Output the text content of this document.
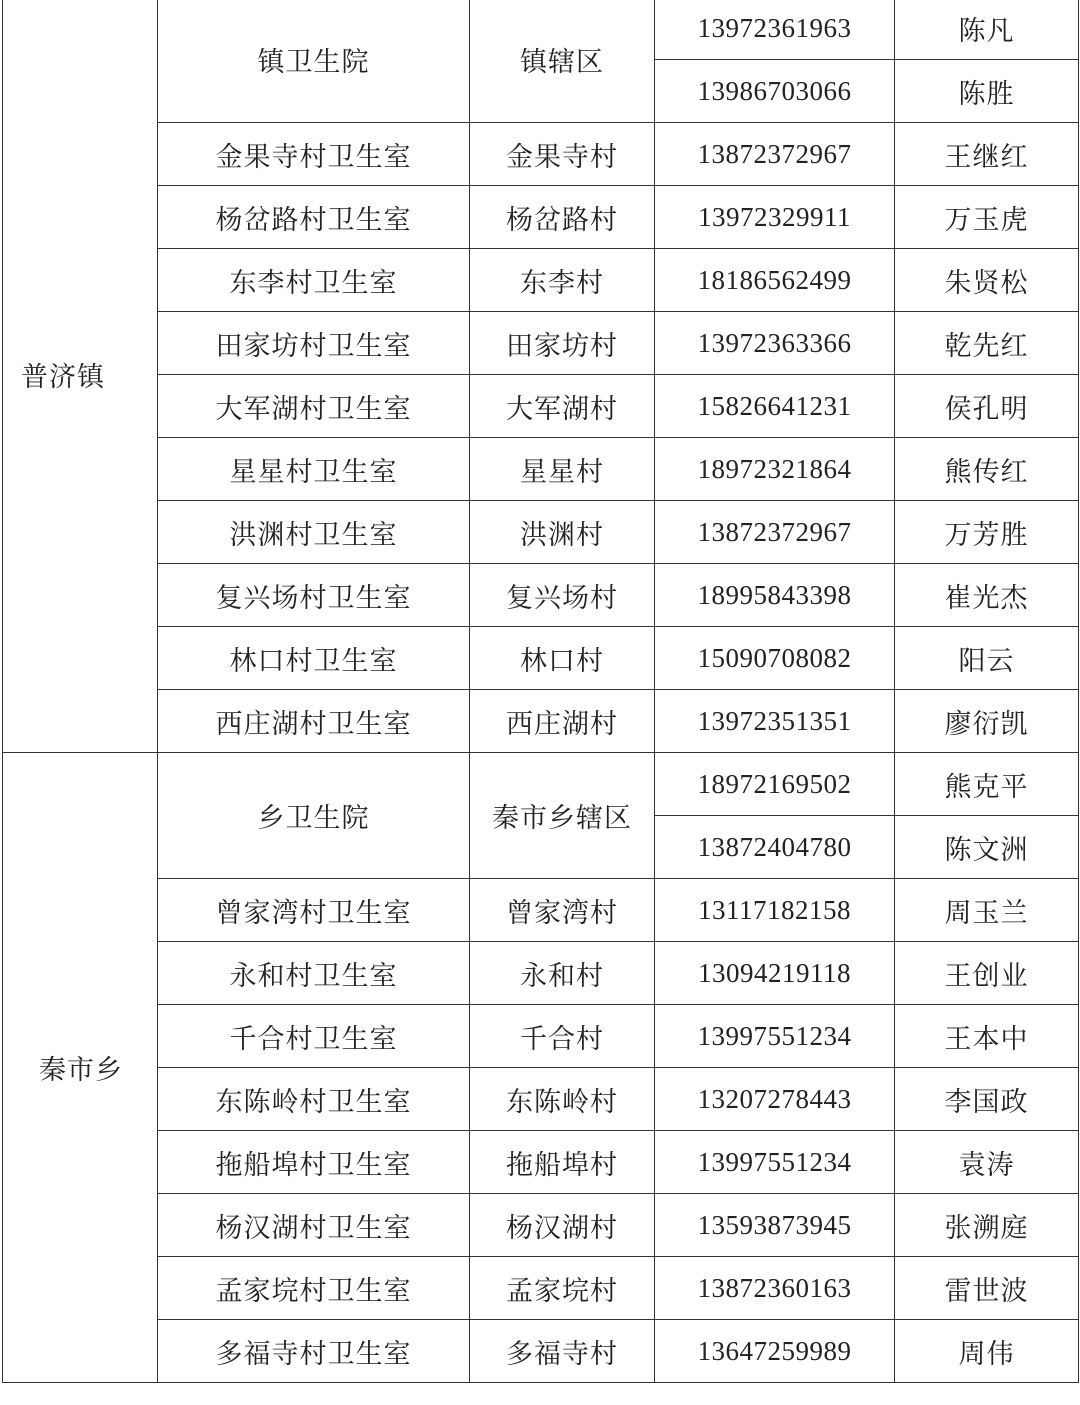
普济镇	镇卫生院	镇辖区	13972361963	陈凡
			13986703066	陈胜
	金果寺村卫生室	金果寺村	13872372967	王继红
	杨岔路村卫生室	杨岔路村	13972329911	万玉虎
	东李村卫生室	东李村	18186562499	朱贤松
	田家坊村卫生室	田家坊村	13972363366	乾先红
	大军湖村卫生室	大军湖村	15826641231	侯孔明
	星星村卫生室	星星村	18972321864	熊传红
	洪渊村卫生室	洪渊村	13872372967	万芳胜
	复兴场村卫生室	复兴场村	18995843398	崔光杰
	林口村卫生室	林口村	15090708082	阳云
	西庄湖村卫生室	西庄湖村	13972351351	廖衍凯
秦市乡	乡卫生院	秦市乡辖区	18972169502	熊克平
			13872404780	陈文洲
	曾家湾村卫生室	曾家湾村	13117182158	周玉兰
	永和村卫生室	永和村	13094219118	王创业
	千合村卫生室	千合村	13997551234	王本中
	东陈岭村卫生室	东陈岭村	13207278443	李国政
	拖船埠村卫生室	拖船埠村	13997551234	袁涛
	杨汉湖村卫生室	杨汉湖村	13593873945	张溯庭
	孟家垸村卫生室	孟家垸村	13872360163	雷世波
	多福寺村卫生室	多福寺村	13647259989	周伟
